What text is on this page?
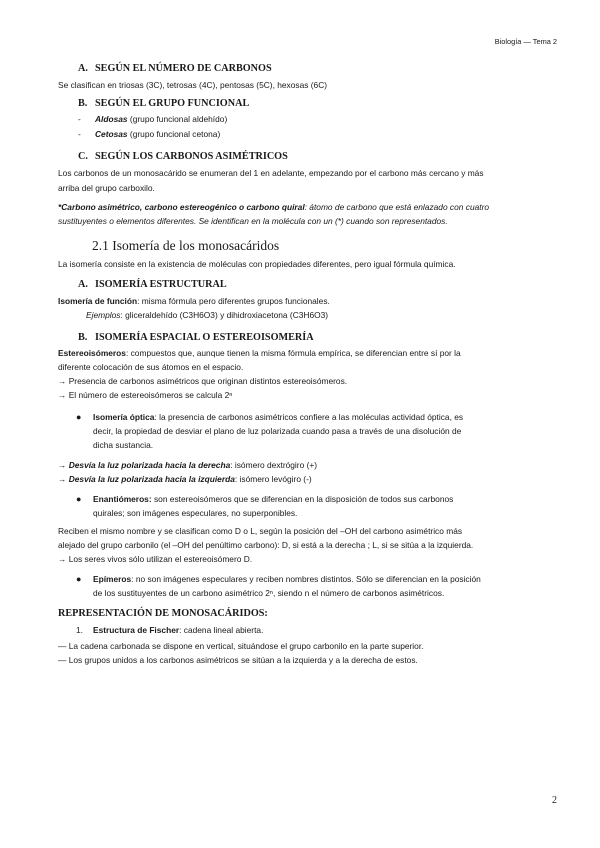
Biología — Tema 2
A. SEGÚN EL NÚMERO DE CARBONOS

Se clasifican en triosas (3C), tetrosas (4C), pentosas (5C), hexosas (6C)

B. SEGÚN EL GRUPO FUNCIONAL
-	Aldosas (grupo funcional aldehído)
-	Cetosas (grupo funcional cetona)
C. SEGÚN LOS CARBONOS ASIMÉTRICOS

Los carbonos de un monosacárido se enumeran del 1 en adelante, empezando por el carbono más cercano y más

arriba del grupo carboxilo.

*Carbono asimétrico, carbono estereogénico o carbono quiral: átomo de carbono que está enlazado con cuatro

sustituyentes o elementos diferentes. Se identifican en la molécula con un (*) cuando son representados.

2.1 Isomería de los monosacáridos

La isomería consiste en la existencia de moléculas con propiedades diferentes, pero igual fórmula química.

A. ISOMERÍA ESTRUCTURAL

Isomería de función: misma fórmula pero diferentes grupos funcionales.

Ejemplos: gliceraldehído (C3H6O3) y dihidroxiacetona (C3H6O3)

B. ISOMERÍA ESPACIAL O ESTEREOISOMERÍA

Estereoisómeros: compuestos que, aunque tienen la misma fórmula empírica, se diferencian entre sí por la

diferente colocación de sus átomos en el espacio.

→ Presencia de carbonos asimétricos que originan distintos estereoisómeros.

→ El número de estereoisómeros se calcula 2ⁿ

●	Isomería óptica: la presencia de carbonos asimétricos confiere a las moléculas actividad óptica, es

decir, la propiedad de desviar el plano de luz polarizada cuando pasa a través de una disolución de

dicha sustancia.

→ Desvía la luz polarizada hacia la derecha: isómero dextrógiro (+)

→ Desvía la luz polarizada hacia la izquierda: isómero levógiro (-)

●	Enantiómeros: son estereoisómeros que se diferencian en la disposición de todos sus carbonos

quirales; son imágenes especulares, no superponibles.

Reciben el mismo nombre y se clasifican como D o L, según la posición del –OH del carbono asimétrico más

alejado del grupo carbonilo (el –OH del penúltimo carbono): D, si está a la derecha ; L, si se sitúa a la izquierda.

→ Los seres vivos sólo utilizan el estereoisómero D.

●	Epímeros: no son imágenes especulares y reciben nombres distintos. Sólo se diferencian en la posición

de los sustituyentes de un carbono asimétrico 2ⁿ, siendo n el número de carbonos asimétricos.

REPRESENTACIÓN DE MONOSACÁRIDOS:
1.	Estructura de Fischer: cadena lineal abierta.

— La cadena carbonada se dispone en vertical, situándose el grupo carbonilo en la parte superior.

— Los grupos unidos a los carbonos asimétricos se sitúan a la izquierda y a la derecha de estos.

2
